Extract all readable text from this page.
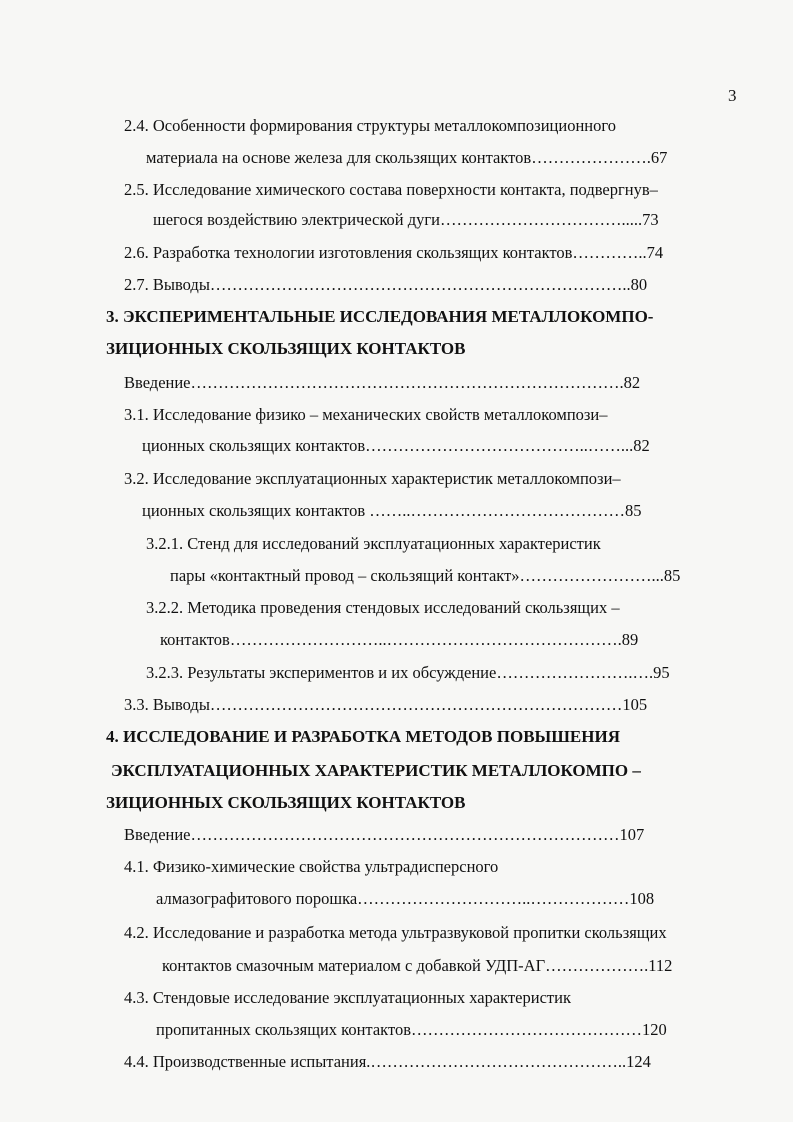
3
2.4. Особенности формирования структуры металлокомпозиционного
материала на основе железа для скользящих контактов………………….67
2.5. Исследование химического состава поверхности контакта, подвергнув–
шегося воздействию электрической дуги…………………………….....73
2.6. Разработка технологии изготовления скользящих контактов…………..74
2.7. Выводы…………………………………………………………………..80
3. ЭКСПЕРИМЕНТАЛЬНЫЕ ИССЛЕДОВАНИЯ МЕТАЛЛОКОМПО-
ЗИЦИОННЫХ СКОЛЬЗЯЩИХ КОНТАКТОВ
Введение…………………………………………………………………….82
3.1. Исследование физико – механических свойств металлокомпози–
ционных скользящих контактов…………………………………..……...82
3.2. Исследование эксплуатационных характеристик металлокомпози–
ционных скользящих контактов ……..…………………………………85
3.2.1. Стенд для исследований эксплуатационных характеристик
пары «контактный провод – скользящий контакт»……………………...85
3.2.2. Методика проведения стендовых исследований скользящих –
контактов………………………..…………………………………….89
3.2.3. Результаты экспериментов и их обсуждение…………………….….95
3.3. Выводы…………………………………………………………………105
4. ИССЛЕДОВАНИЕ И РАЗРАБОТКА МЕТОДОВ ПОВЫШЕНИЯ
ЭКСПЛУАТАЦИОННЫХ ХАРАКТЕРИСТИК МЕТАЛЛОКОМПО –
ЗИЦИОННЫХ СКОЛЬЗЯЩИХ КОНТАКТОВ
Введение……………………………………………………………………107
4.1. Физико-химические свойства ультрадисперсного
алмазографитового порошка…………………………..………………108
4.2. Исследование и разработка метода ультразвуковой пропитки скользящих
контактов смазочным материалом с добавкой УДП-АГ……………….112
4.3. Стендовые исследование эксплуатационных характеристик
пропитанных скользящих контактов……………………………………120
4.4. Производственные испытания.………………………………………..124
